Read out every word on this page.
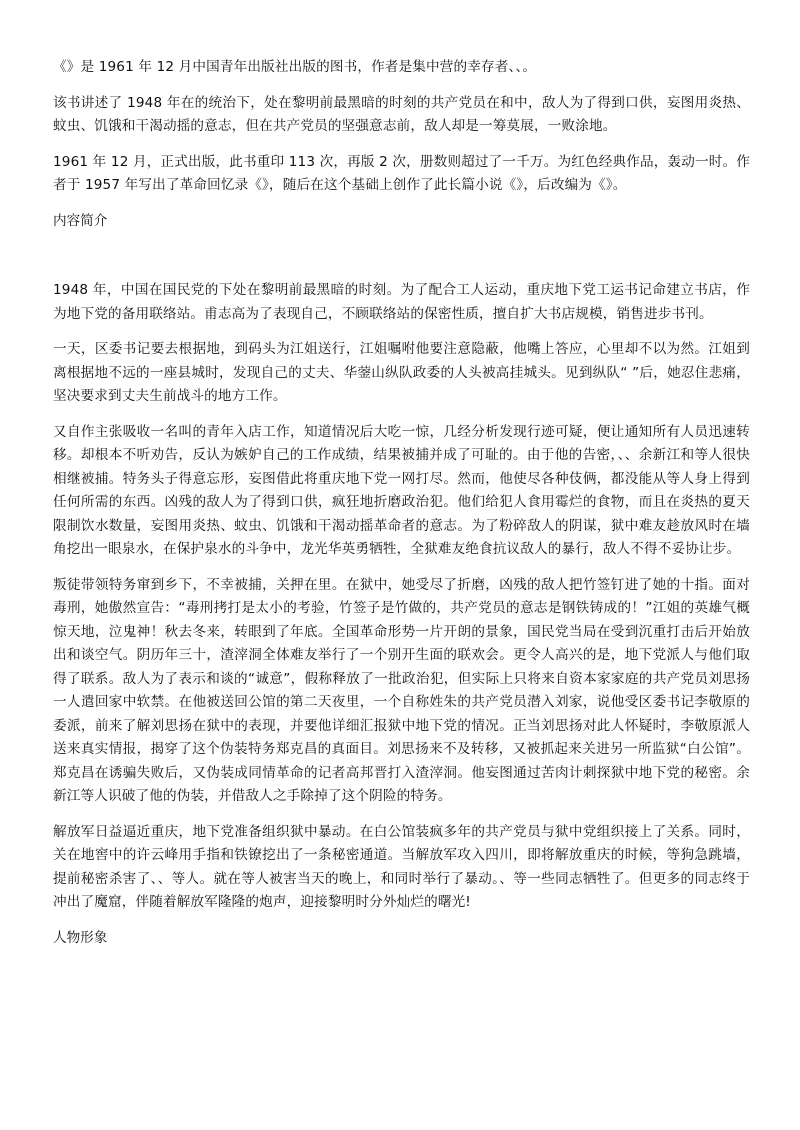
《》是 1961 年 12 月中国青年出版社出版的图书，作者是集中营的幸存者、、。

该书讲述了 1948 年在的统治下，处在黎明前最黑暗的时刻的共产党员在和中，敌人为了得到口供，妄图用炎热、蚊虫、饥饿和干渴动摇的意志，但在共产党员的坚强意志前，敌人却是一筹莫展，一败涂地。

1961 年 12 月，正式出版，此书重印 113 次，再版 2 次，册数则超过了一千万。为红色经典作品，轰动一时。作者于 1957 年写出了革命回忆录《》，随后在这个基础上创作了此长篇小说《》，后改编为《》。

内容简介

1948 年，中国在国民党的下处在黎明前最黑暗的时刻。为了配合工人运动，重庆地下党工运书记命建立书店，作为地下党的备用联络站。甫志高为了表现自己，不顾联络站的保密性质，擅自扩大书店规模，销售进步书刊。

一天，区委书记要去根据地，到码头为江姐送行，江姐嘱咐他要注意隐蔽，他嘴上答应，心里却不以为然。江姐到离根据地不远的一座县城时，发现自己的丈夫、华蓥山纵队政委的人头被高挂城头。见到纵队“ ”后，她忍住悲痛，坚决要求到丈夫生前战斗的地方工作。

又自作主张吸收一名叫的青年入店工作，知道情况后大吃一惊，几经分析发现行迹可疑，便让通知所有人员迅速转移。却根本不听劝告，反认为嫉妒自己的工作成绩，结果被捕并成了可耻的。由于他的告密，、、余新江和等人很快相继被捕。特务头子得意忘形，妄图借此将重庆地下党一网打尽。然而，他使尽各种伎俩，都没能从等人身上得到任何所需的东西。凶残的敌人为了得到口供，疯狂地折磨政治犯。他们给犯人食用霉烂的食物，而且在炎热的夏天限制饮水数量，妄图用炎热、蚊虫、饥饿和干渴动摇革命者的意志。为了粉碎敌人的阴谋，狱中难友趁放风时在墙角挖出一眼泉水，在保护泉水的斗争中，龙光华英勇牺牲，全狱难友绝食抗议敌人的暴行，敌人不得不妥协让步。

叛徒带领特务窜到乡下，不幸被捕，关押在里。在狱中，她受尽了折磨，凶残的敌人把竹签钉进了她的十指。面对毒刑，她傲然宣告：“毒刑拷打是太小的考验，竹签子是竹做的，共产党员的意志是钢铁铸成的！”江姐的英雄气概惊天地，泣鬼神！秋去冬来，转眼到了年底。全国革命形势一片开朗的景象，国民党当局在受到沉重打击后开始放出和谈空气。阴历年三十，渣滓洞全体难友举行了一个别开生面的联欢会。更令人高兴的是，地下党派人与他们取得了联系。敌人为了表示和谈的“诚意”，假称释放了一批政治犯，但实际上只将来自资本家家庭的共产党员刘思扬一人遣回家中软禁。在他被送回公馆的第二天夜里，一个自称姓朱的共产党员潜入刘家，说他受区委书记李敬原的委派，前来了解刘思扬在狱中的表现，并要他详细汇报狱中地下党的情况。正当刘思扬对此人怀疑时，李敬原派人送来真实情报，揭穿了这个伪装特务郑克昌的真面目。刘思扬来不及转移，又被抓起来关进另一所监狱“白公馆”。郑克昌在诱骗失败后，又伪装成同情革命的记者高邦晋打入渣滓洞。他妄图通过苦肉计刺探狱中地下党的秘密。余新江等人识破了他的伪装，并借敌人之手除掉了这个阴险的特务。

解放军日益逼近重庆，地下党准备组织狱中暴动。在白公馆装疯多年的共产党员与狱中党组织接上了关系。同时，关在地窖中的许云峰用手指和铁镣挖出了一条秘密通道。当解放军攻入四川，即将解放重庆的时候，等狗急跳墙，提前秘密杀害了、、等人。就在等人被害当天的晚上，和同时举行了暴动。、等一些同志牺牲了。但更多的同志终于冲出了魔窟，伴随着解放军隆隆的炮声，迎接黎明时分外灿烂的曙光!

人物形象
